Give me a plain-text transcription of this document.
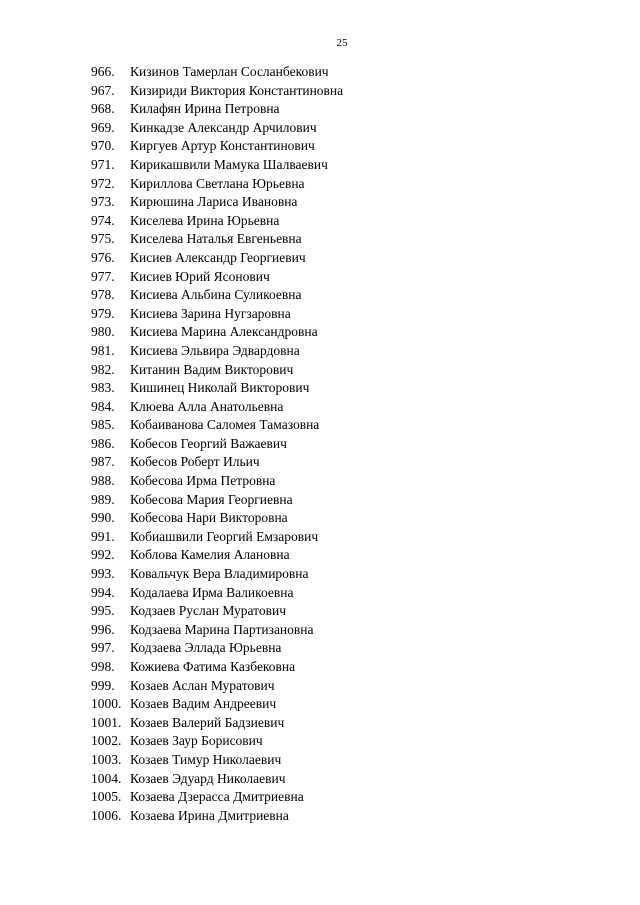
25
966. Кизинов Тамерлан Сосланбекович
967. Кизириди Виктория Константиновна
968. Килафян Ирина Петровна
969. Кинкадзе Александр Арчилович
970. Киргуев Артур Константинович
971. Кирикашвили Мамука Шалваевич
972. Кириллова Светлана Юрьевна
973. Кирюшина Лариса Ивановна
974. Киселева Ирина Юрьевна
975. Киселева Наталья Евгеньевна
976. Кисиев Александр Георгиевич
977. Кисиев Юрий Ясонович
978. Кисиева Альбина Суликоевна
979. Кисиева Зарина Нугзаровна
980. Кисиева Марина Александровна
981. Кисиева Эльвира Эдвардовна
982. Китанин Вадим Викторович
983. Кишинец Николай Викторович
984. Клюева Алла Анатольевна
985. Кобаиванова Саломея Тамазовна
986. Кобесов Георгий Важаевич
987. Кобесов Роберт Ильич
988. Кобесова Ирма Петровна
989. Кобесова Мария Георгиевна
990. Кобесова Нари Викторовна
991. Кобиашвили Георгий Емзарович
992. Коблова Камелия Алановна
993. Ковальчук Вера Владимировна
994. Кодалаева Ирма Валикоевна
995. Кодзаев Руслан Муратович
996. Кодзаева Марина Партизановна
997. Кодзаева Эллада Юрьевна
998. Кожиева Фатима Казбековна
999. Козаев Аслан Муратович
1000. Козаев Вадим Андреевич
1001. Козаев Валерий Бадзиевич
1002. Козаев Заур Борисович
1003. Козаев Тимур Николаевич
1004. Козаев Эдуард Николаевич
1005. Козаева Дзерасса Дмитриевна
1006. Козаева Ирина Дмитриевна
